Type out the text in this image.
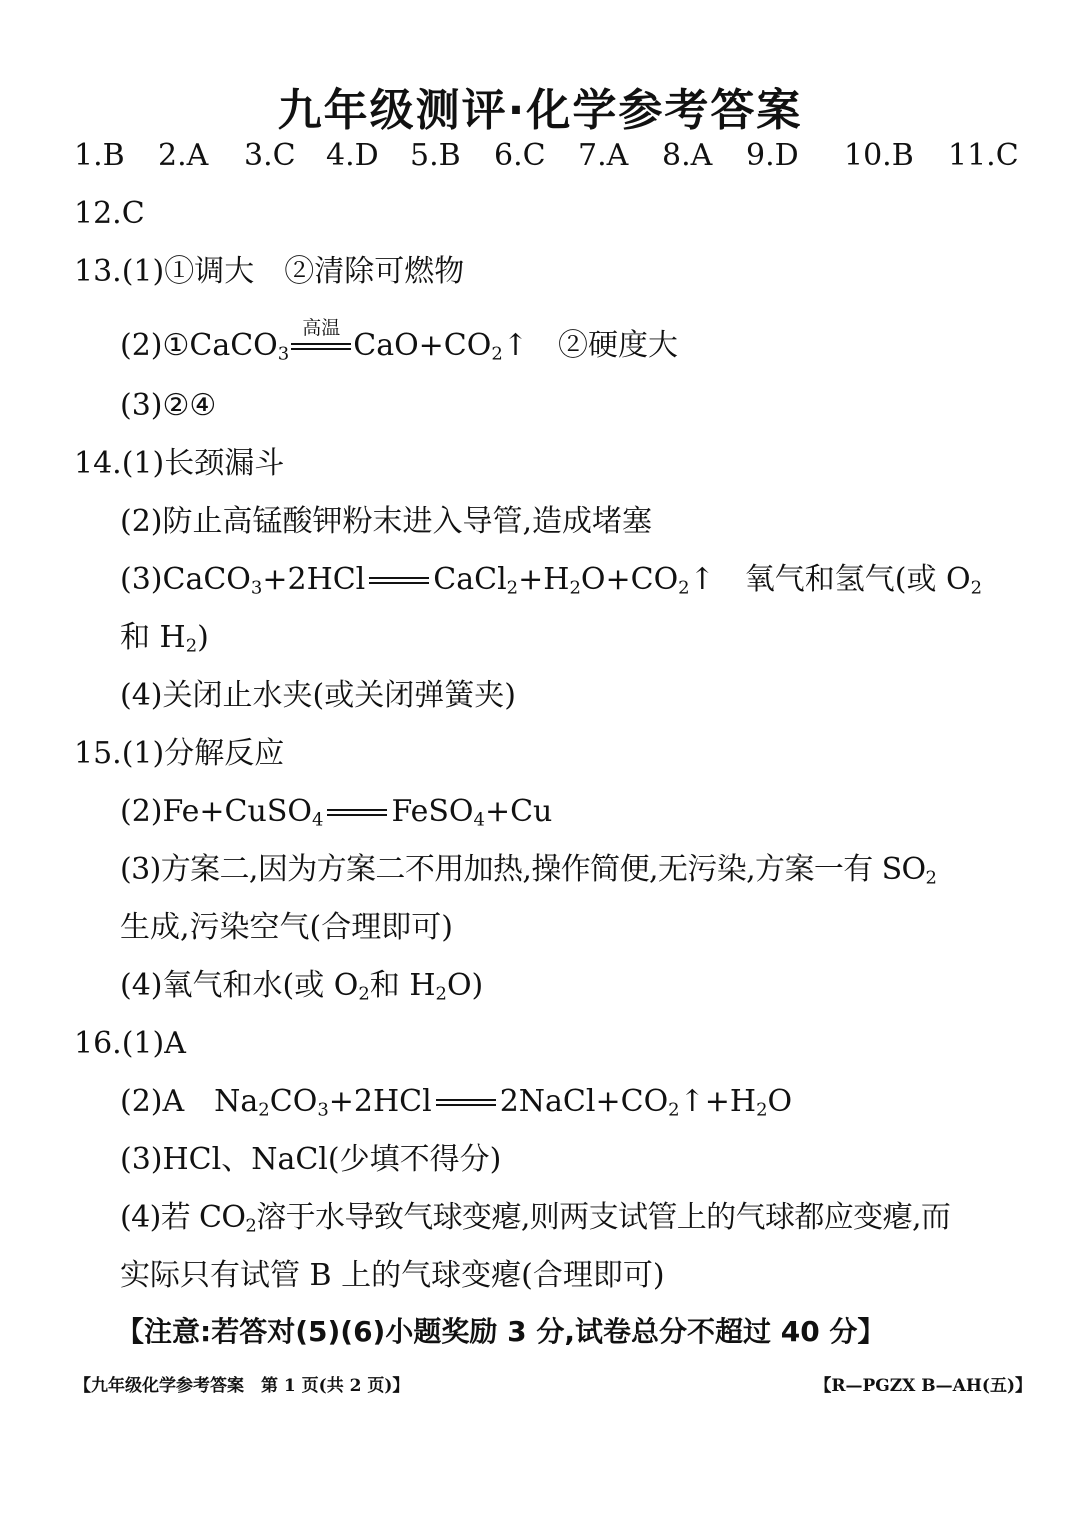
九年级测评·化学参考答案
1.B 2.A 3.C 4.D 5.B 6.C 7.A 8.A 9.D 10.B 11.C
12.C
13.(1)①调大　②清除可燃物
(2)①CaCO$_3$
高温 $CaO+CO_2↑$　②硬度大
(3)②④
14.(1)长颈漏斗
(2)防止高锰酸钾粉末进入导管,造成堵塞
(3)CaCO$_3$+2HCl $CaCl_2+H_2O+CO_2↑$　氧气和氢气(或 $O_2$
和 $H_2$)
(4)关闭止水夹(或关闭弹簧夹)
15.(1)分解反应
(2)Fe+CuSO$_4$ FeSO$_4$+Cu
(3)方案二,因为方案二不用加热,操作简便,无污染,方案一有 $SO_2$
生成,污染空气(合理即可)
(4)氧气和水(或 $O_2$和 $H_2O$)
16.(1)A
(2)A　$Na_2CO_3+2HCl$ $2NaCl+CO_2↑+H_2O$
(3)HCl、NaCl(少填不得分)
(4)若 $CO_2$溶于水导致气球变瘪,则两支试管上的气球都应变瘪,而
实际只有试管 B 上的气球变瘪(合理即可)
【注意:若答对(5)(6)小题奖励 3 分,试卷总分不超过 40 分】
【九年级化学参考答案　第 1 页(共 2 页)】	【R—PGZX B—AH(五)】
